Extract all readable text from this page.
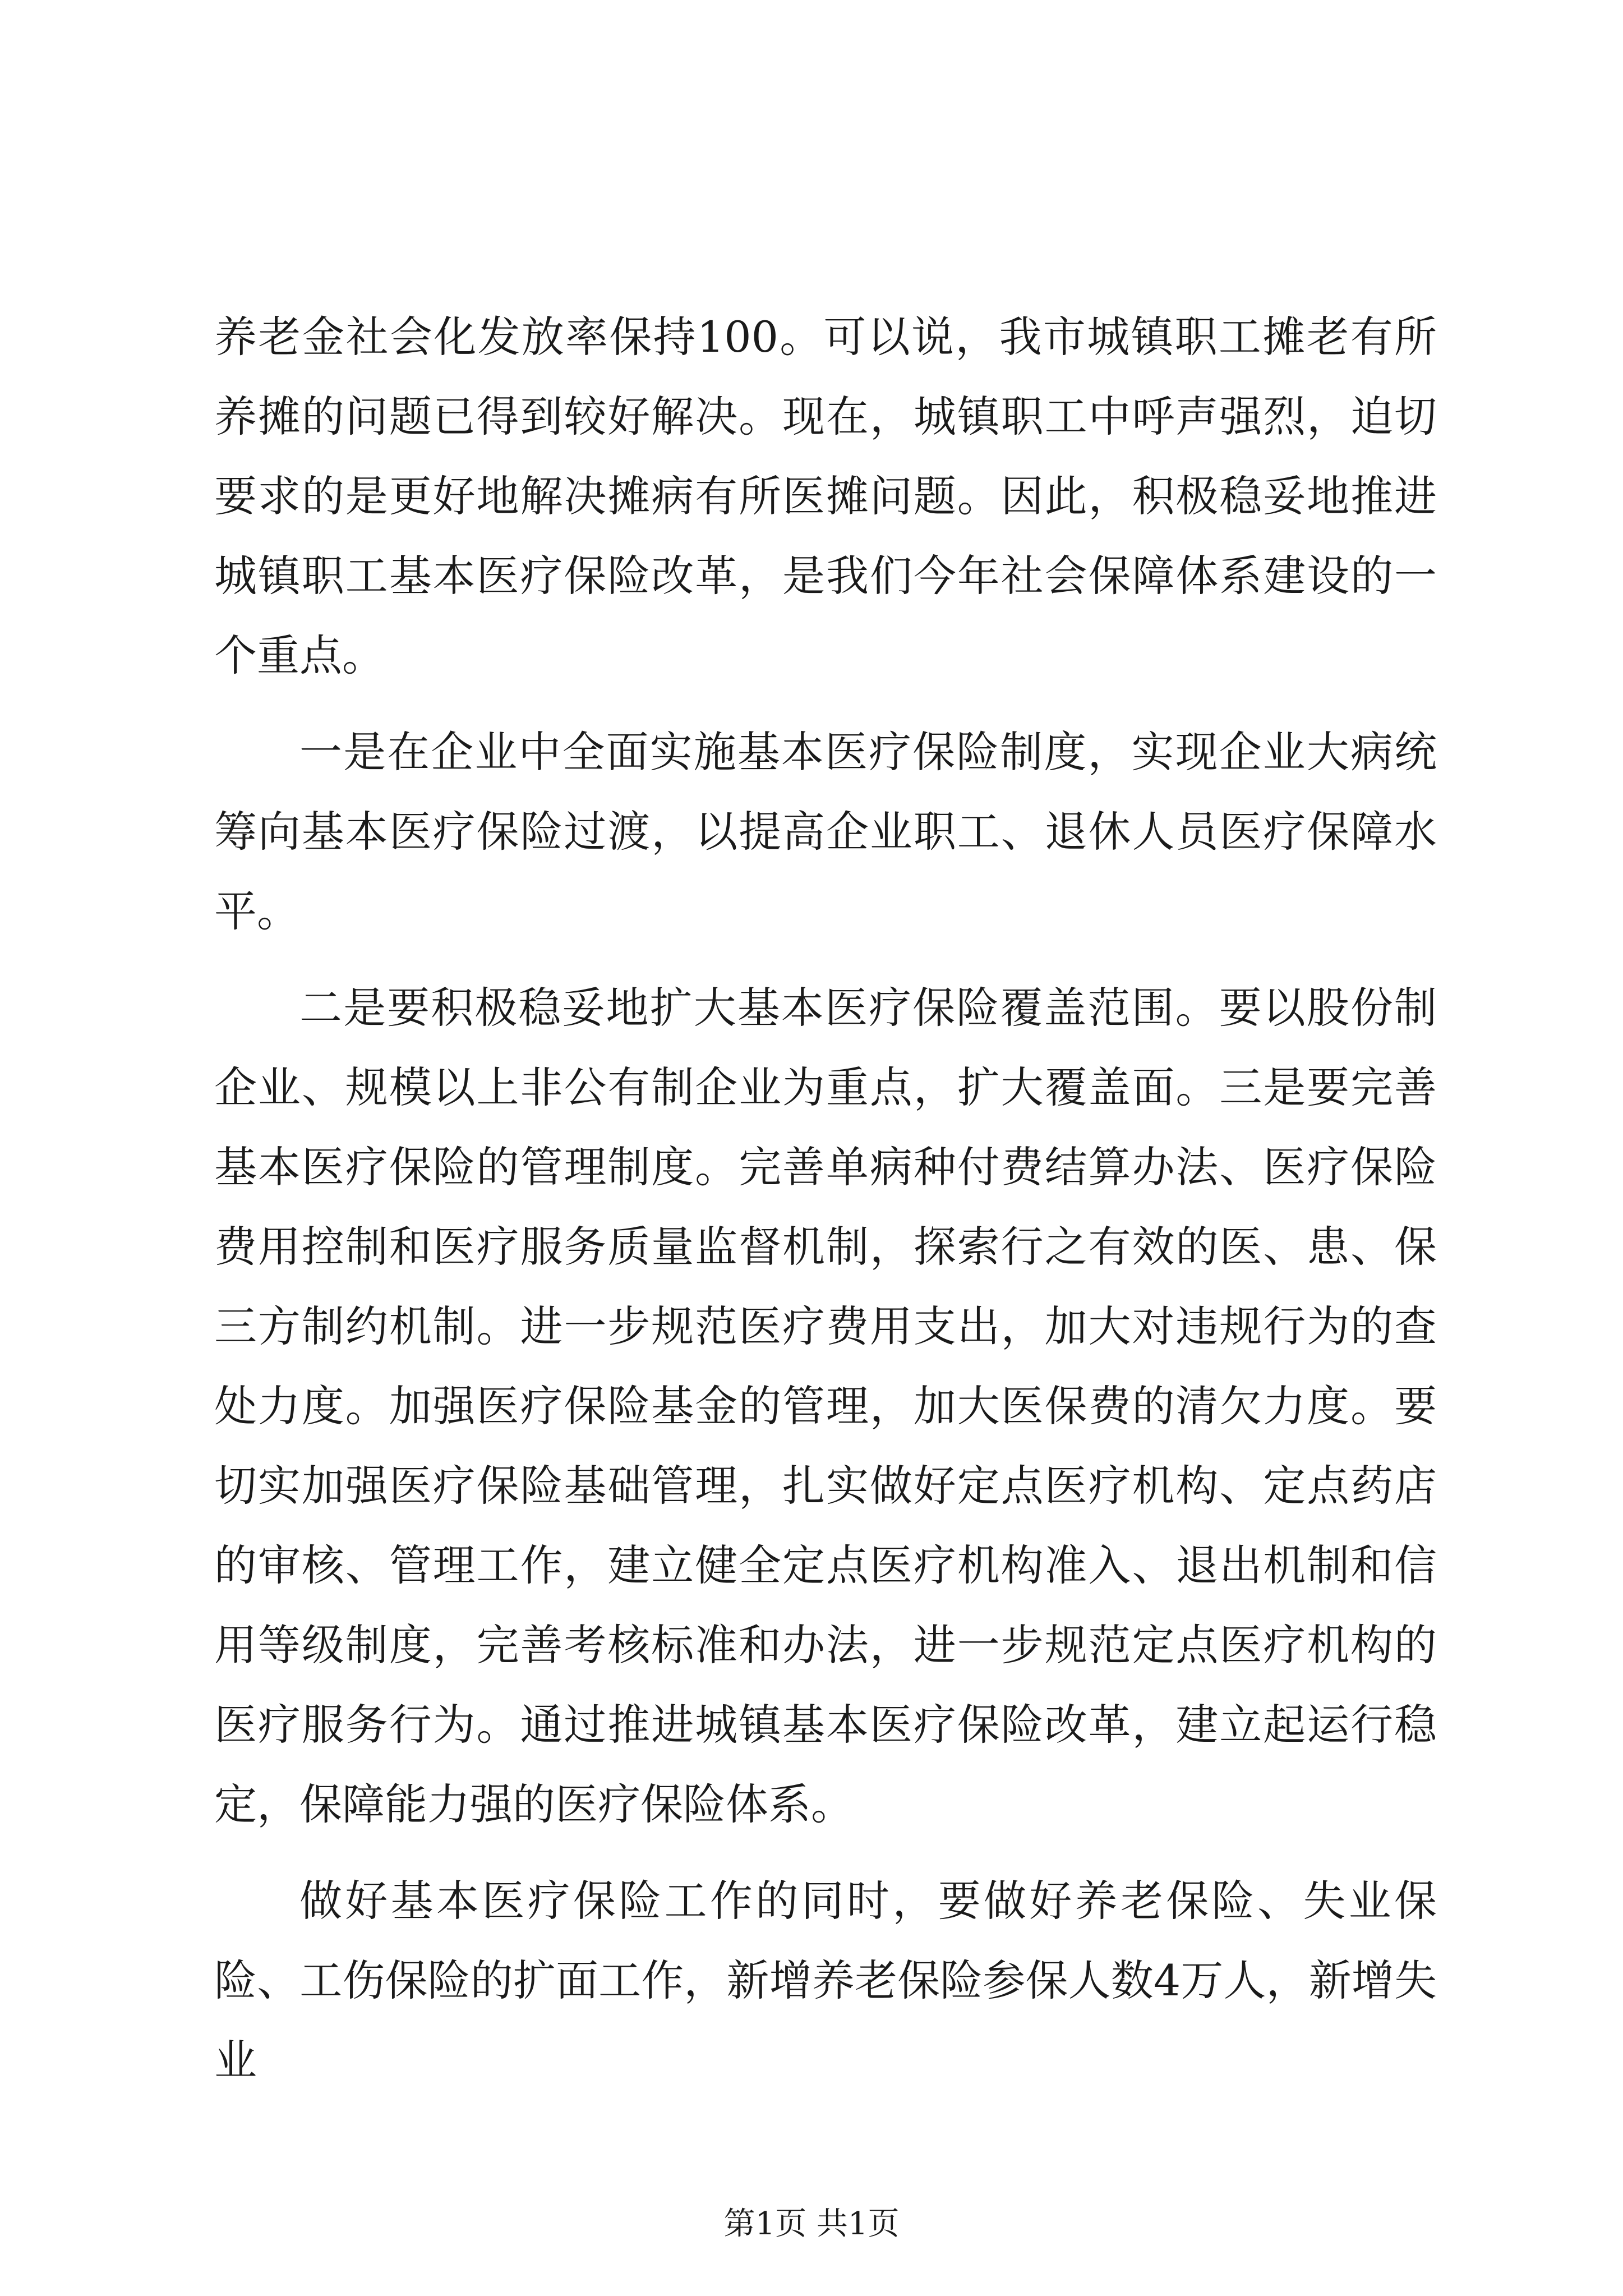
养老金社会化发放率保持100。可以说，我市城镇职工摊老有所养摊的问题已得到较好解决。现在，城镇职工中呼声强烈，迫切要求的是更好地解决摊病有所医摊问题。因此，积极稳妥地推进城镇职工基本医疗保险改革，是我们今年社会保障体系建设的一个重点。

一是在企业中全面实施基本医疗保险制度，实现企业大病统筹向基本医疗保险过渡，以提高企业职工、退休人员医疗保障水平。

二是要积极稳妥地扩大基本医疗保险覆盖范围。要以股份制企业、规模以上非公有制企业为重点，扩大覆盖面。三是要完善基本医疗保险的管理制度。完善单病种付费结算办法、医疗保险费用控制和医疗服务质量监督机制，探索行之有效的医、患、保三方制约机制。进一步规范医疗费用支出，加大对违规行为的查处力度。加强医疗保险基金的管理，加大医保费的清欠力度。要切实加强医疗保险基础管理，扎实做好定点医疗机构、定点药店的审核、管理工作，建立健全定点医疗机构准入、退出机制和信用等级制度，完善考核标准和办法，进一步规范定点医疗机构的医疗服务行为。通过推进城镇基本医疗保险改革，建立起运行稳定，保障能力强的医疗保险体系。

做好基本医疗保险工作的同时，要做好养老保险、失业保险、工伤保险的扩面工作，新增养老保险参保人数4万人，新增失业

第1页 共1页
